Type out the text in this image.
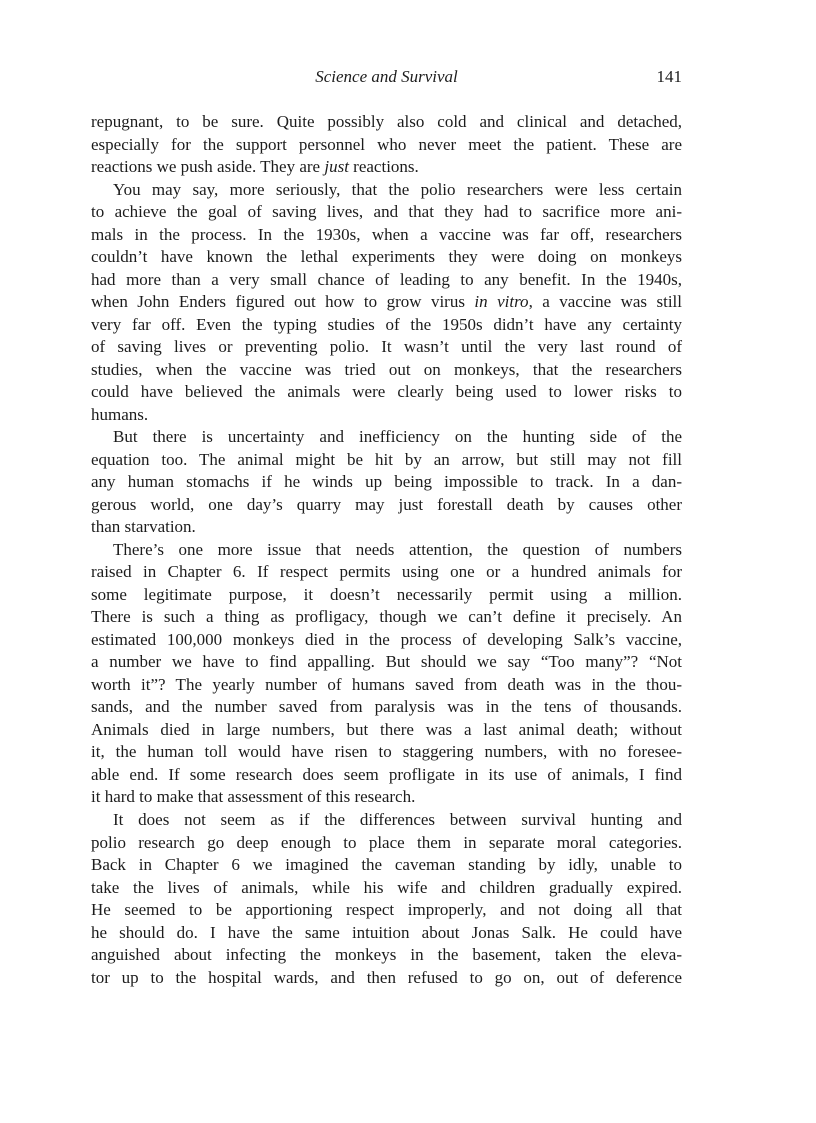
Science and Survival	141
repugnant, to be sure. Quite possibly also cold and clinical and detached,
especially for the support personnel who never meet the patient. These are
reactions we push aside. They are just reactions.
You may say, more seriously, that the polio researchers were less certain
to achieve the goal of saving lives, and that they had to sacrifice more ani-
mals in the process. In the 1930s, when a vaccine was far off, researchers
couldn’t have known the lethal experiments they were doing on monkeys
had more than a very small chance of leading to any benefit. In the 1940s,
when John Enders figured out how to grow virus in vitro, a vaccine was still
very far off. Even the typing studies of the 1950s didn’t have any certainty
of saving lives or preventing polio. It wasn’t until the very last round of
studies, when the vaccine was tried out on monkeys, that the researchers
could have believed the animals were clearly being used to lower risks to
humans.
But there is uncertainty and inefficiency on the hunting side of the
equation too. The animal might be hit by an arrow, but still may not fill
any human stomachs if he winds up being impossible to track. In a dan-
gerous world, one day’s quarry may just forestall death by causes other
than starvation.
There’s one more issue that needs attention, the question of numbers
raised in Chapter 6. If respect permits using one or a hundred animals for
some legitimate purpose, it doesn’t necessarily permit using a million.
There is such a thing as profligacy, though we can’t define it precisely. An
estimated 100,000 monkeys died in the process of developing Salk’s vaccine,
a number we have to find appalling. But should we say “Too many”? “Not
worth it”? The yearly number of humans saved from death was in the thou-
sands, and the number saved from paralysis was in the tens of thousands.
Animals died in large numbers, but there was a last animal death; without
it, the human toll would have risen to staggering numbers, with no foresee-
able end. If some research does seem profligate in its use of animals, I find
it hard to make that assessment of this research.
It does not seem as if the differences between survival hunting and
polio research go deep enough to place them in separate moral categories.
Back in Chapter 6 we imagined the caveman standing by idly, unable to
take the lives of animals, while his wife and children gradually expired.
He seemed to be apportioning respect improperly, and not doing all that
he should do. I have the same intuition about Jonas Salk. He could have
anguished about infecting the monkeys in the basement, taken the eleva-
tor up to the hospital wards, and then refused to go on, out of deference
